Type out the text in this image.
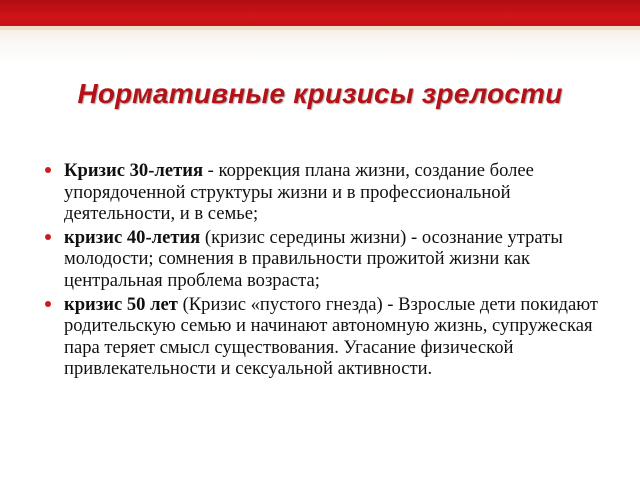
Нормативные кризисы зрелости
Кризис 30-летия - коррекция плана жизни, создание более упорядоченной структуры жизни и в профессиональной деятельности, и в семье;
кризис 40-летия (кризис середины жизни) - осознание утраты молодости; сомнения в правильности прожитой жизни как центральная проблема возраста;
кризис 50 лет (Кризис «пустого гнезда) - Взрослые дети покидают родительскую семью и начинают автономную жизнь, супружеская пара теряет смысл существования. Угасание физической привлекательности и сексуальной активности.
